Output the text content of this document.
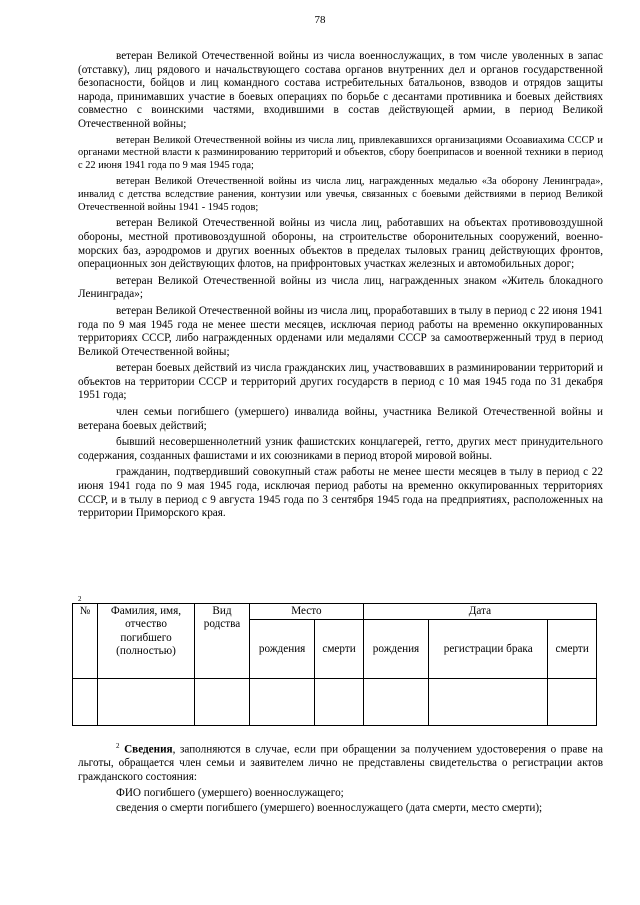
78

ветеран Великой Отечественной войны из числа военнослужащих, в том числе уволенных в запас (отставку), лиц рядового и начальствующего состава органов внутренних дел и органов государственной безопасности, бойцов и лиц командного состава истребительных батальонов, взводов и отрядов защиты народа, принимавших участие в боевых операциях по борьбе с десантами противника и боевых действиях совместно с воинскими частями, входившими в состав действующей армии, в период Великой Отечественной войны;

ветеран Великой Отечественной войны из числа лиц, привлекавшихся организациями Осоавиахима СССР и органами местной власти к разминированию территорий и объектов, сбору боеприпасов и военной техники в период с 22 июня 1941 года по 9 мая 1945 года;

ветеран Великой Отечественной войны из числа лиц, награжденных медалью «За оборону Ленинграда», инвалид с детства вследствие ранения, контузии или увечья, связанных с боевыми действиями в период Великой Отечественной войны 1941 - 1945 годов;

ветеран Великой Отечественной войны из числа лиц, работавших на объектах противовоздушной обороны, местной противовоздушной обороны, на строительстве оборонительных сооружений, военно-морских баз, аэродромов и других военных объектов в пределах тыловых границ действующих фронтов, операционных зон действующих флотов, на прифронтовых участках железных и автомобильных дорог;

ветеран Великой Отечественной войны из числа лиц, награжденных знаком «Житель блокадного Ленинграда»;

ветеран Великой Отечественной войны из числа лиц, проработавших в тылу в период с 22 июня 1941 года по 9 мая 1945 года не менее шести месяцев, исключая период работы на временно оккупированных территориях СССР, либо награжденных орденами или медалями СССР за самоотверженный труд в период Великой Отечественной войны;

ветеран боевых действий из числа гражданских лиц, участвовавших в разминировании территорий и объектов на территории СССР и территорий других государств в период с 10 мая 1945 года по 31 декабря 1951 года;

член семьи погибшего (умершего) инвалида войны, участника Великой Отечественной войны и ветерана боевых действий;

бывший несовершеннолетний узник фашистских концлагерей, гетто, других мест принудительного содержания, созданных фашистами и их союзниками в период второй мировой войны.

гражданин, подтвердивший совокупный стаж работы не менее шести месяцев в тылу в период с 22 июня 1941 года по 9 мая 1945 года, исключая период работы на временно оккупированных территориях СССР, и в тылу в период с 9 августа 1945 года по 3 сентября 1945 года на предприятиях, расположенных на территории Приморского края.

2
№	Фамилия, имя, отчество погибшего (полностью)	Вид родства	Место		Дата		
			рождения	смерти	рождения	регистрации брака	смерти

$^2$ Сведения, заполняются в случае, если при обращении за получением удостоверения о праве на льготы, обращается член семьи и заявителем лично не представлены свидетельства о регистрации актов гражданского состояния:

ФИО погибшего (умершего) военнослужащего;

сведения о смерти погибшего (умершего) военнослужащего (дата смерти, место смерти);
